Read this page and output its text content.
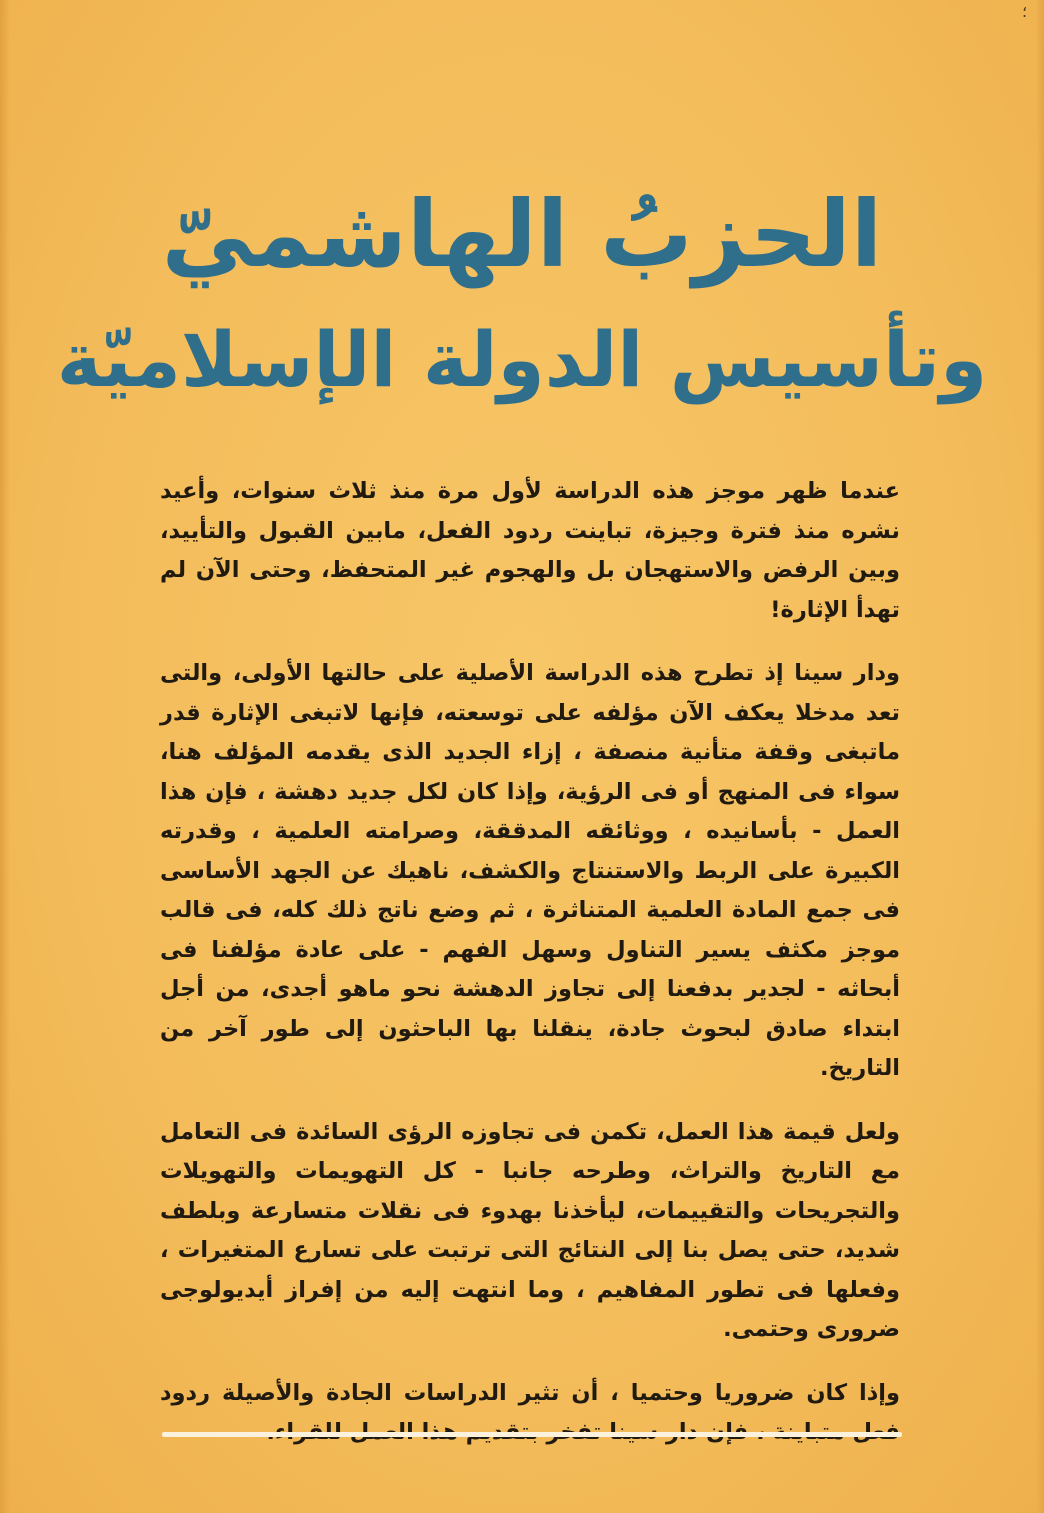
؛
الحزبُ الهاشميّ
وتأسيس الدولة الإسلاميّة

عندما ظهر موجز هذه الدراسة لأول مرة منذ ثلاث سنوات، وأعيد نشره منذ فترة وجيزة، تباينت ردود الفعل، مابين القبول والتأييد، وبين الرفض والاستهجان بل والهجوم غير المتحفظ، وحتى الآن لم تهدأ الإثارة!

ودار سينا إذ تطرح هذه الدراسة الأصلية على حالتها الأولى، والتى تعد مدخلا يعكف الآن مؤلفه على توسعته، فإنها لاتبغى الإثارة قدر ماتبغى وقفة متأنية منصفة ، إزاء الجديد الذى يقدمه المؤلف هنا، سواء فى المنهج أو فى الرؤية، وإذا كان لكل جديد دهشة ، فإن هذا العمل - بأسانيده ، ووثائقه المدققة، وصرامته العلمية ، وقدرته الكبيرة على الربط والاستنتاج والكشف، ناهيك عن الجهد الأساسى فى جمع المادة العلمية المتناثرة ، ثم وضع ناتج ذلك كله، فى قالب موجز مكثف يسير التناول وسهل الفهم - على عادة مؤلفنا فى أبحاثه - لجدير بدفعنا إلى تجاوز الدهشة نحو ماهو أجدى، من أجل ابتداء صادق لبحوث جادة، ينقلنا بها الباحثون إلى طور آخر من التاريخ.

ولعل قيمة هذا العمل، تكمن فى تجاوزه الرؤى السائدة فى التعامل مع التاريخ والتراث، وطرحه جانبا - كل التهويمات والتهويلات والتجريحات والتقييمات، ليأخذنا بهدوء فى نقلات متسارعة وبلطف شديد، حتى يصل بنا إلى النتائج التى ترتبت على تسارع المتغيرات ، وفعلها فى تطور المفاهيم ، وما انتهت إليه من إفراز أيديولوجى ضرورى وحتمى.

وإذا كان ضروريا وحتميا ، أن تثير الدراسات الجادة والأصيلة ردود
